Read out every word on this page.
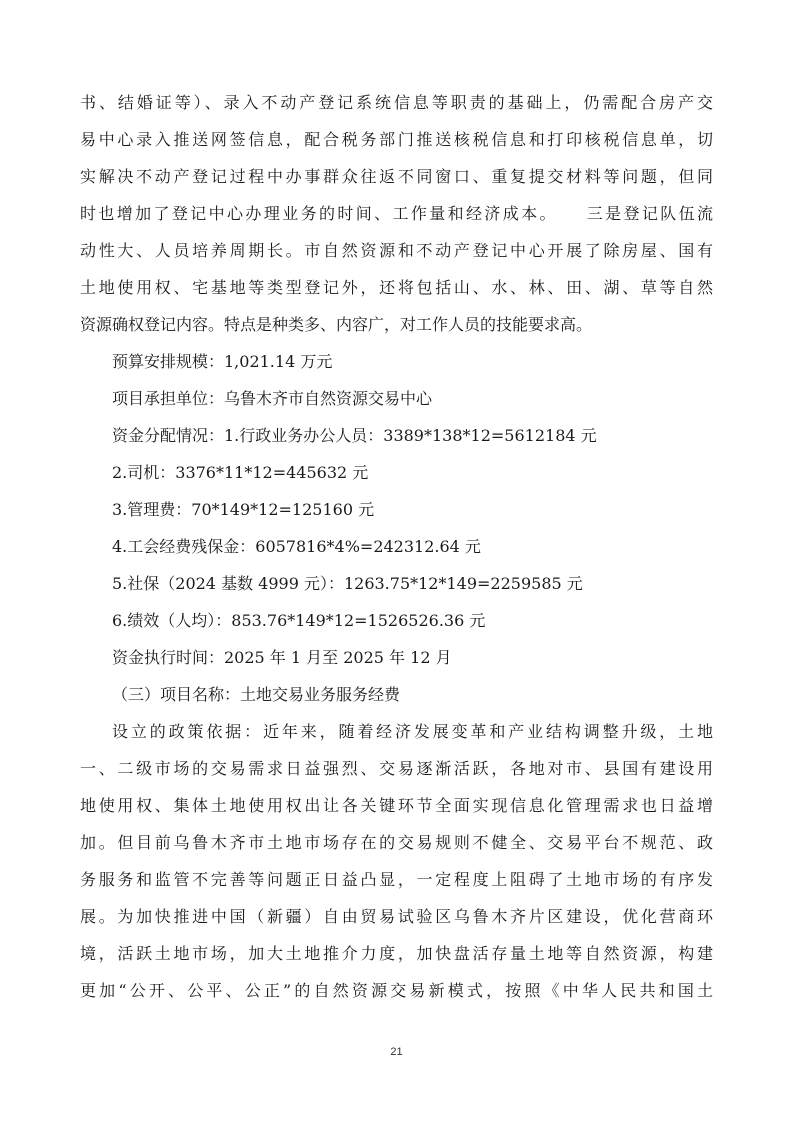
书、结婚证等）、录入不动产登记系统信息等职责的基础上，仍需配合房产交
易中心录入推送网签信息，配合税务部门推送核税信息和打印核税信息单，切
实解决不动产登记过程中办事群众往返不同窗口、重复提交材料等问题，但同
时也增加了登记中心办理业务的时间、工作量和经济成本。　　三是登记队伍流
动性大、人员培养周期长。市自然资源和不动产登记中心开展了除房屋、国有
土地使用权、宅基地等类型登记外，还将包括山、水、林、田、湖、草等自然
资源确权登记内容。特点是种类多、内容广，对工作人员的技能要求高。
预算安排规模：1,021.14 万元
项目承担单位：乌鲁木齐市自然资源交易中心
资金分配情况：1.行政业务办公人员：3389*138*12=5612184 元
2.司机：3376*11*12=445632 元
3.管理费：70*149*12=125160 元
4.工会经费残保金：6057816*4%=242312.64 元
5.社保（2024 基数 4999 元）：1263.75*12*149=2259585 元
6.绩效（人均）：853.76*149*12=1526526.36 元
资金执行时间：2025 年 1 月至 2025 年 12 月
（三）项目名称：土地交易业务服务经费
设立的政策依据：近年来，随着经济发展变革和产业结构调整升级，土地
一、二级市场的交易需求日益强烈、交易逐渐活跃，各地对市、县国有建设用
地使用权、集体土地使用权出让各关键环节全面实现信息化管理需求也日益增
加。但目前乌鲁木齐市土地市场存在的交易规则不健全、交易平台不规范、政
务服务和监管不完善等问题正日益凸显，一定程度上阻碍了土地市场的有序发
展。为加快推进中国（新疆）自由贸易试验区乌鲁木齐片区建设，优化营商环
境，活跃土地市场，加大土地推介力度，加快盘活存量土地等自然资源，构建
更加“公开、公平、公正”的自然资源交易新模式，按照《中华人民共和国土
21
